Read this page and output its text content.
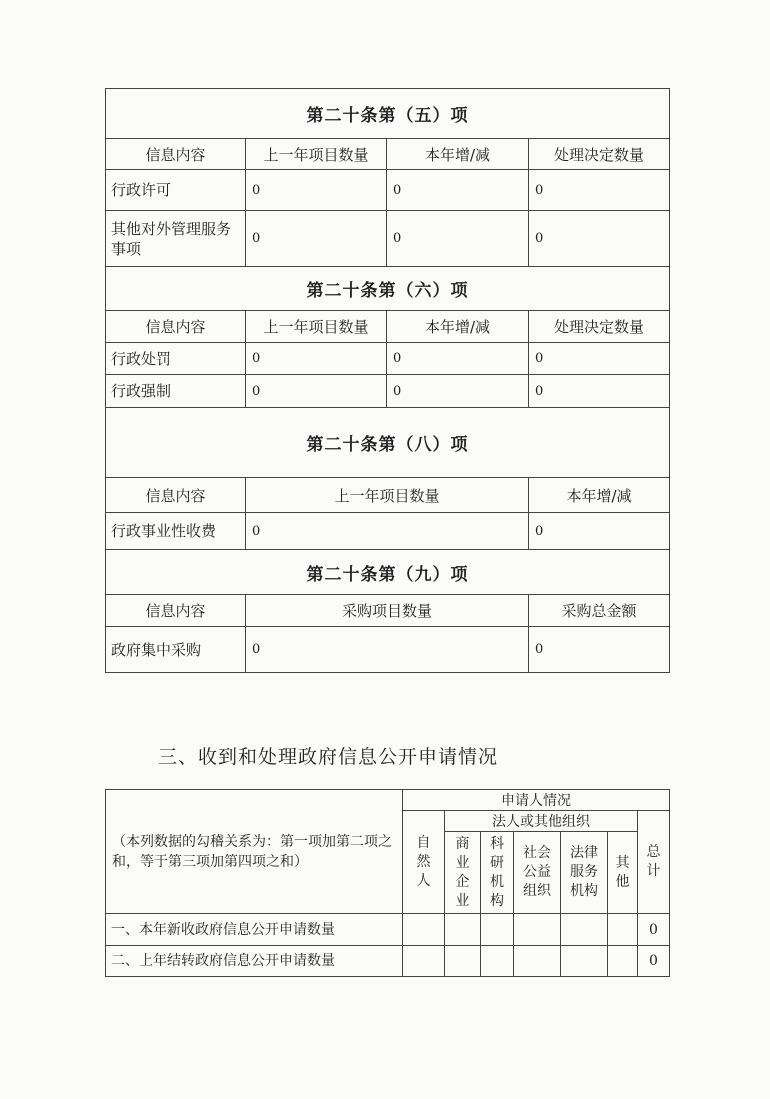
第二十条第（五）项			
信息内容	上一年项目数量	本年增/减	处理决定数量
行政许可	0	0	0
其他对外管理服务事项	0	0	0
第二十条第（六）项			
信息内容	上一年项目数量	本年增/减	处理决定数量
行政处罚	0	0	0
行政强制	0	0	0
第二十条第（八）项			
信息内容	上一年项目数量		本年增/减
行政事业性收费	0		0
第二十条第（九）项			
信息内容	采购项目数量		采购总金额
政府集中采购	0		0
三、收到和处理政府信息公开申请情况
（本列数据的勾稽关系为：第一项加第二项之和，等于第三项加第四项之和）	申请人情况						

	自然人	法人或其他组织					总计

		商业企业	科研机构	社会公益组织	法律服务机构	其他	

一、本年新收政府信息公开申请数量							0
二、上年结转政府信息公开申请数量							0
